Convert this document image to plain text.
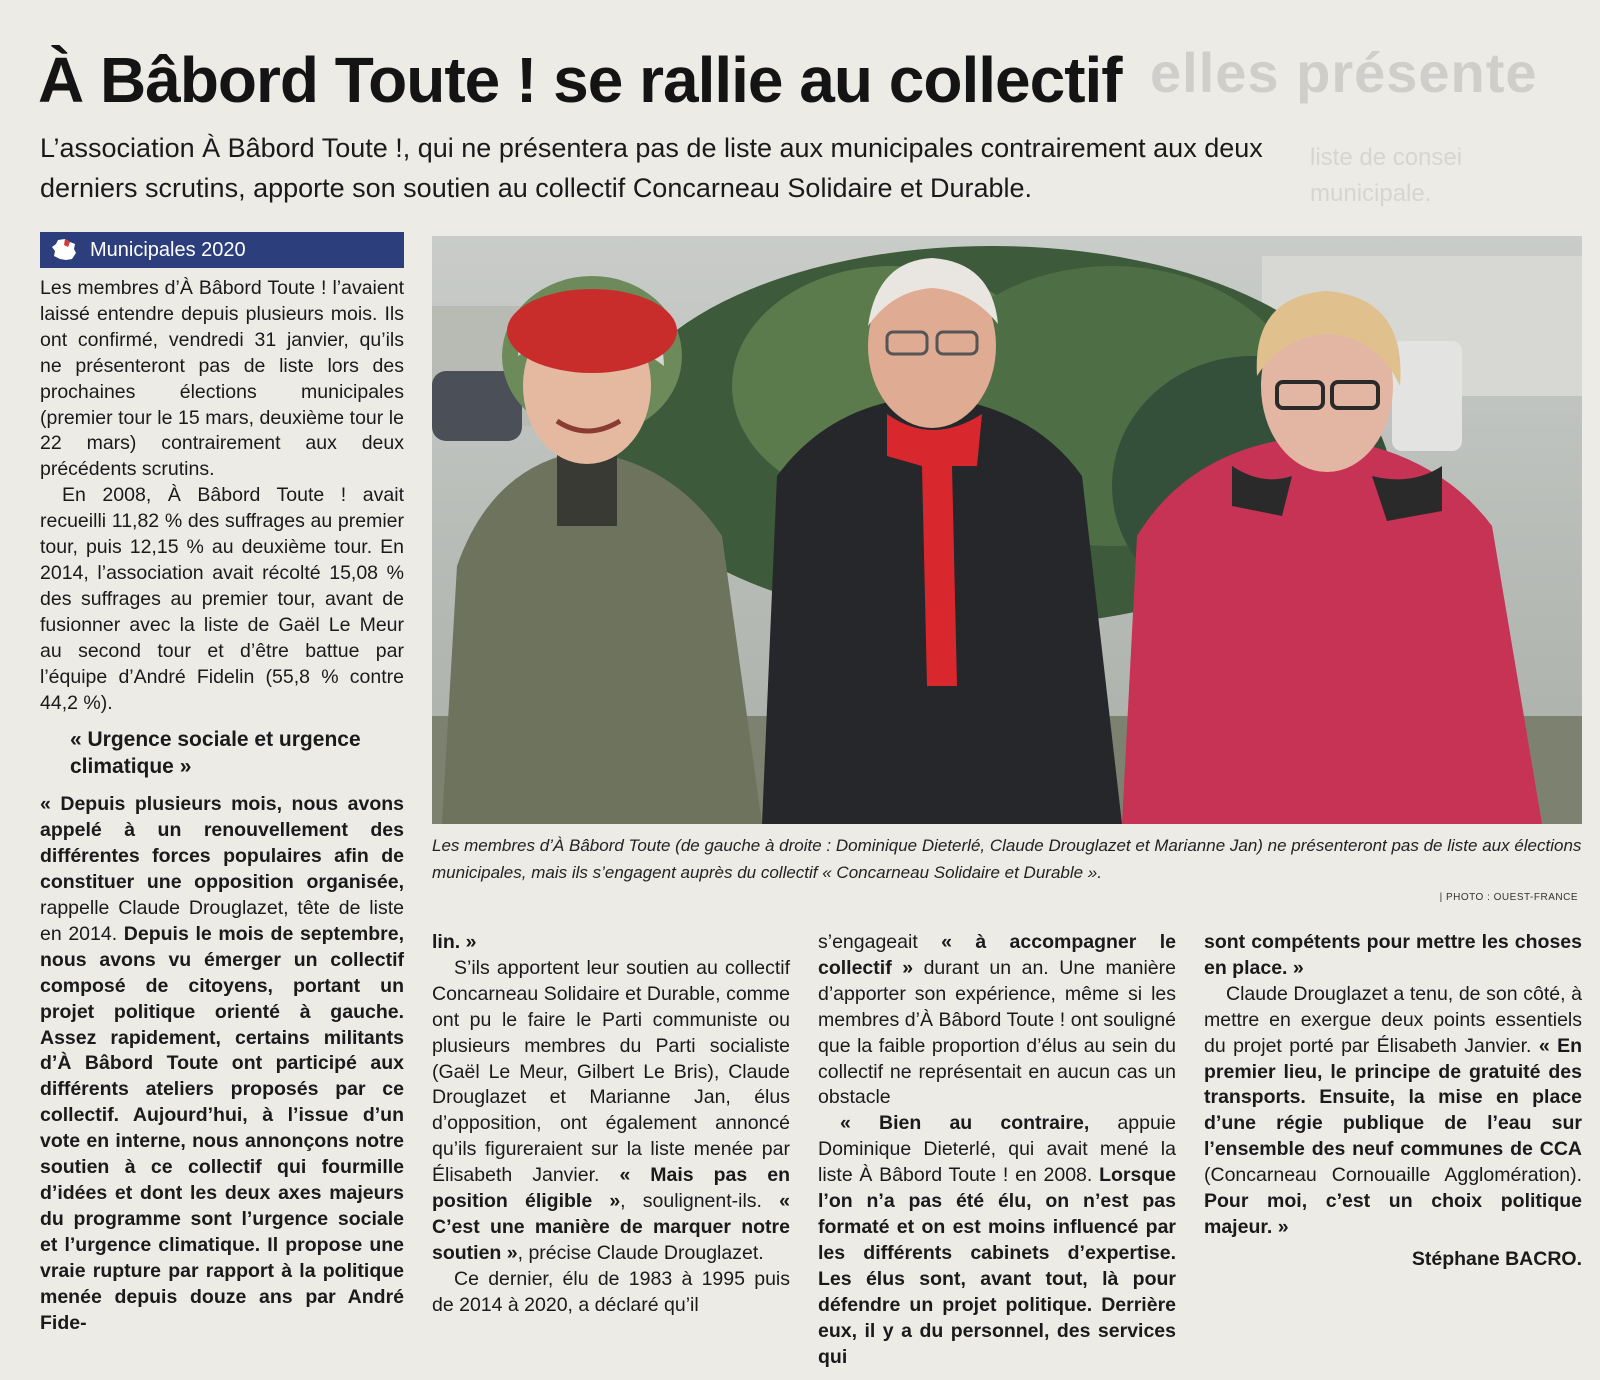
elles présente
liste de consei
municipale.
À Bâbord Toute ! se rallie au collectif

L’association À Bâbord Toute !, qui ne présentera pas de liste aux municipales contrairement aux deux derniers scrutins, apporte son soutien au collectif Concarneau Solidaire et Durable.

Municipales 2020
Les membres d’À Bâbord Toute (de gauche à droite : Dominique Dieterlé, Claude Drouglazet et Marianne Jan) ne présenteront pas de liste aux élections municipales, mais ils s’engagent auprès du collectif « Concarneau Solidaire et Durable ».
| PHOTO : OUEST-FRANCE

Les membres d’À Bâbord Toute ! l’avaient laissé entendre depuis plusieurs mois. Ils ont confirmé, vendredi 31 janvier, qu’ils ne présenteront pas de liste lors des prochaines élections municipales (premier tour le 15 mars, deuxième tour le 22 mars) contrairement aux deux précédents scrutins.

En 2008, À Bâbord Toute ! avait recueilli 11,82 % des suffrages au premier tour, puis 12,15 % au deuxième tour. En 2014, l’association avait récolté 15,08 % des suffrages au premier tour, avant de fusionner avec la liste de Gaël Le Meur au second tour et d’être battue par l’équipe d’André Fidelin (55,8 % contre 44,2 %).

« Urgence sociale et urgence climatique »

« Depuis plusieurs mois, nous avons appelé à un renouvellement des différentes forces populaires afin de constituer une opposition organisée, rappelle Claude Drouglazet, tête de liste en 2014. Depuis le mois de septembre, nous avons vu émerger un collectif composé de citoyens, portant un projet politique orienté à gauche. Assez rapidement, certains militants d’À Bâbord Toute ont participé aux différents ateliers proposés par ce collectif. Aujourd’hui, à l’issue d’un vote en interne, nous annonçons notre soutien à ce collectif qui fourmille d’idées et dont les deux axes majeurs du programme sont l’urgence sociale et l’urgence climatique. Il propose une vraie rupture par rapport à la politique menée depuis douze ans par André Fide-

lin. »

S’ils apportent leur soutien au collectif Concarneau Solidaire et Durable, comme ont pu le faire le Parti communiste ou plusieurs membres du Parti socialiste (Gaël Le Meur, Gilbert Le Bris), Claude Drouglazet et Marianne Jan, élus d’opposition, ont également annoncé qu’ils figureraient sur la liste menée par Élisabeth Janvier. « Mais pas en position éligible », soulignent-ils. « C’est une manière de marquer notre soutien », précise Claude Drouglazet.

Ce dernier, élu de 1983 à 1995 puis de 2014 à 2020, a déclaré qu’il

s’engageait « à accompagner le collectif » durant un an. Une manière d’apporter son expérience, même si les membres d’À Bâbord Toute ! ont souligné que la faible proportion d’élus au sein du collectif ne représentait en aucun cas un obstacle

« Bien au contraire, appuie Dominique Dieterlé, qui avait mené la liste À Bâbord Toute ! en 2008. Lorsque l’on n’a pas été élu, on n’est pas formaté et on est moins influencé par les différents cabinets d’expertise. Les élus sont, avant tout, là pour défendre un projet politique. Derrière eux, il y a du personnel, des services qui

sont compétents pour mettre les choses en place. »

Claude Drouglazet a tenu, de son côté, à mettre en exergue deux points essentiels du projet porté par Élisabeth Janvier. « En premier lieu, le principe de gratuité des transports. Ensuite, la mise en place d’une régie publique de l’eau sur l’ensemble des neuf communes de CCA (Concarneau Cornouaille Agglomération). Pour moi, c’est un choix politique majeur. »

Stéphane BACRO.
